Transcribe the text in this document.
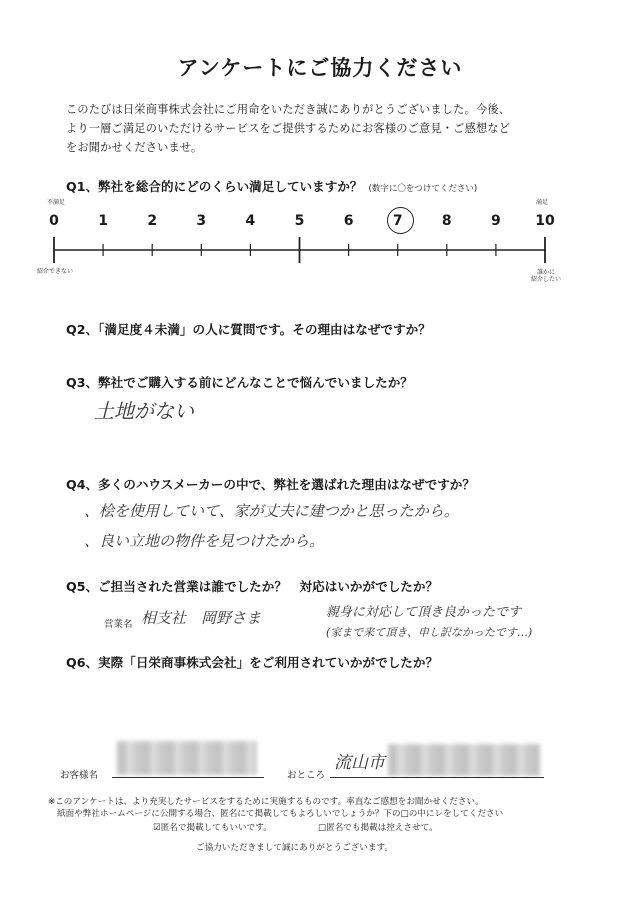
アンケートにご協力ください
このたびは日栄商事株式会社にご用命をいただき誠にありがとうございました。今後、
より一層ご満足のいただけるサービスをご提供するためにお客様のご意見・ご感想など
をお聞かせくださいませ。
Q1、弊社を総合的にどのくらい満足していますか？ (数字に〇をつけてください)
不満足	満足
0	1	2	3	4	5	6	7	8	9	10
紹介できない	誰かに
紹介したい
Q2、「満足度４未満」の人に質問です。その理由はなぜですか？
Q3、弊社でご購入する前にどんなことで悩んでいましたか？
土地がない
Q4、多くのハウスメーカーの中で、弊社を選ばれた理由はなぜですか？
、桧を使用していて、家が丈夫に建つかと思ったから。
、良い立地の物件を見つけたから。
Q5、ご担当された営業は誰でしたか？　対応はいかがでしたか？
営業名 相支社　岡野さま	親身に対応して頂き良かったです
(家まで来て頂き、申し訳なかったです…)
Q6、実際「日栄商事株式会社」をご利用されていかがでしたか？
お客様名	おところ
流山市
※このアンケートは、より充実したサービスをするために実施するものです。率直なご感想をお聞かせください。
紙面や弊社ホームページに公開する場合、匿名にて掲載してもよろしいでしょうか？下の□の中にレをしてください
☑匿名で掲載してもいいです。	□匿名でも掲載は控えさせて。
ご協力いただきまして誠にありがとうございます。
